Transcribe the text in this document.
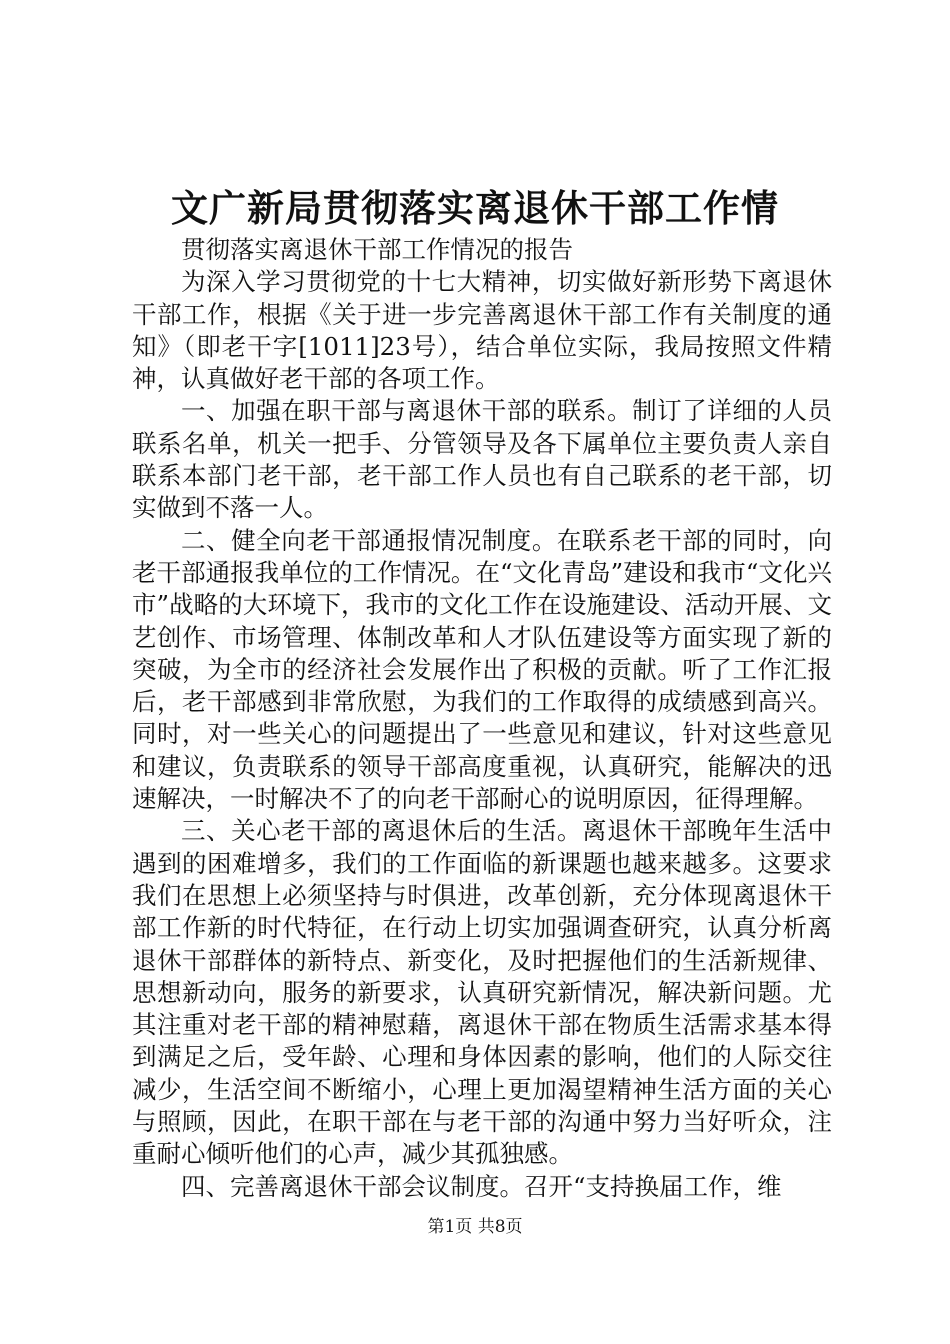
文广新局贯彻落实离退休干部工作情

贯彻落实离退休干部工作情况的报告

为深入学习贯彻党的十七大精神，切实做好新形势下离退休干部工作，根据《关于进一步完善离退休干部工作有关制度的通知》（即老干字[1011]23号），结合单位实际，我局按照文件精神，认真做好老干部的各项工作。

一、加强在职干部与离退休干部的联系。制订了详细的人员联系名单，机关一把手、分管领导及各下属单位主要负责人亲自联系本部门老干部，老干部工作人员也有自己联系的老干部，切实做到不落一人。

二、健全向老干部通报情况制度。在联系老干部的同时，向老干部通报我单位的工作情况。在“文化青岛”建设和我市“文化兴市”战略的大环境下，我市的文化工作在设施建设、活动开展、文艺创作、市场管理、体制改革和人才队伍建设等方面实现了新的突破，为全市的经济社会发展作出了积极的贡献。听了工作汇报后，老干部感到非常欣慰，为我们的工作取得的成绩感到高兴。同时，对一些关心的问题提出了一些意见和建议，针对这些意见和建议，负责联系的领导干部高度重视，认真研究，能解决的迅速解决，一时解决不了的向老干部耐心的说明原因，征得理解。

三、关心老干部的离退休后的生活。离退休干部晚年生活中遇到的困难增多，我们的工作面临的新课题也越来越多。这要求我们在思想上必须坚持与时俱进，改革创新，充分体现离退休干部工作新的时代特征，在行动上切实加强调查研究，认真分析离退休干部群体的新特点、新变化，及时把握他们的生活新规律、思想新动向，服务的新要求，认真研究新情况，解决新问题。尤其注重对老干部的精神慰藉，离退休干部在物质生活需求基本得到满足之后，受年龄、心理和身体因素的影响，他们的人际交往减少，生活空间不断缩小，心理上更加渴望精神生活方面的关心与照顾，因此，在职干部在与老干部的沟通中努力当好听众，注重耐心倾听他们的心声，减少其孤独感。

四、完善离退休干部会议制度。召开“支持换届工作，维

第1页 共8页
